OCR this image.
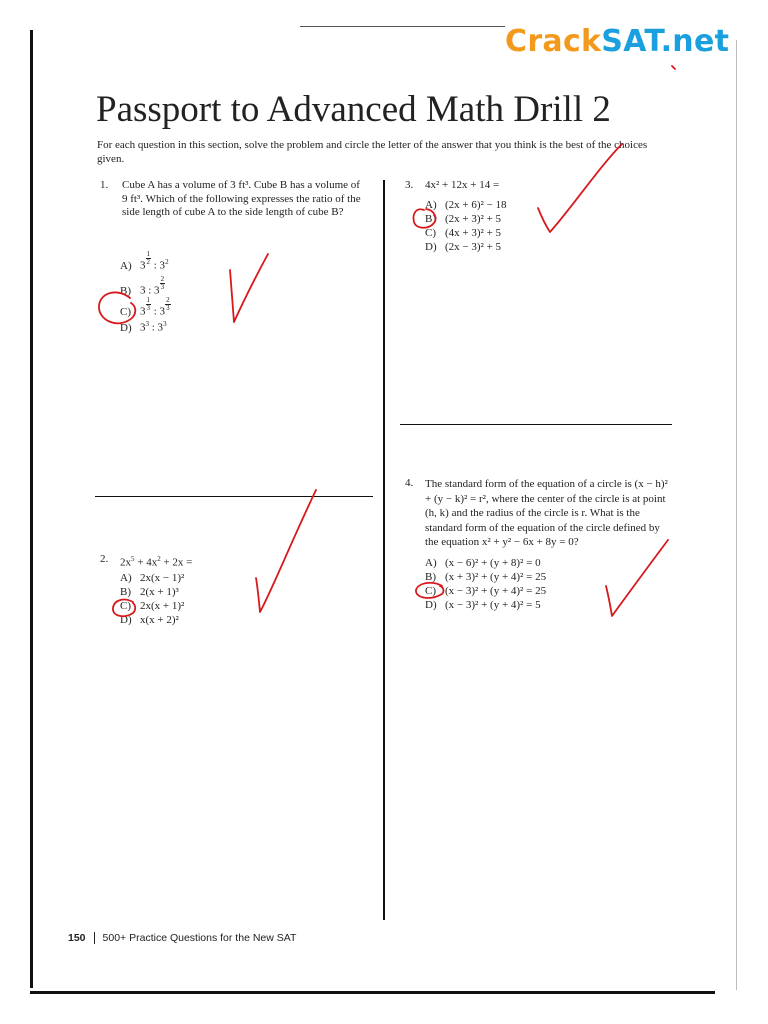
CrackSAT.net
Passport to Advanced Math Drill 2
For each question in this section, solve the problem and circle the letter of the answer that you think is the best of the choices given.
1. Cube A has a volume of 3 ft³. Cube B has a volume of 9 ft³. Which of the following expresses the ratio of the side length of cube A to the side length of cube B?
A) $3 \frac{1}{2}$ : $3^2$
B) 3 : $3 \frac{2}{3}$
C) $3 \frac{1}{3}$ : $3 \frac{2}{3}$
D) $3^3$ : $3^3$
2. $2x^5 + 4x^2 + 2x$ =
A) 2x(x − 1)²
B) 2(x + 1)³
C) 2x(x + 1)²
D) x(x + 2)²
3. 4x² + 12x + 14 =
A) (2x + 6)² − 18
B) (2x + 3)² + 5
C) (4x + 3)² + 5
D) (2x − 3)² + 5
4. The standard form of the equation of a circle is (x − h)² + (y − k)² = r², where the center of the circle is at point (h, k) and the radius of the circle is r. What is the standard form of the equation of the circle defined by the equation x² + y² − 6x + 8y = 0?
A) (x − 6)² + (y + 8)² = 0
B) (x + 3)² + (y + 4)² = 25
C) (x − 3)² + (y + 4)² = 25
D) (x − 3)² + (y + 4)² = 5
150 500+ Practice Questions for the New SAT
